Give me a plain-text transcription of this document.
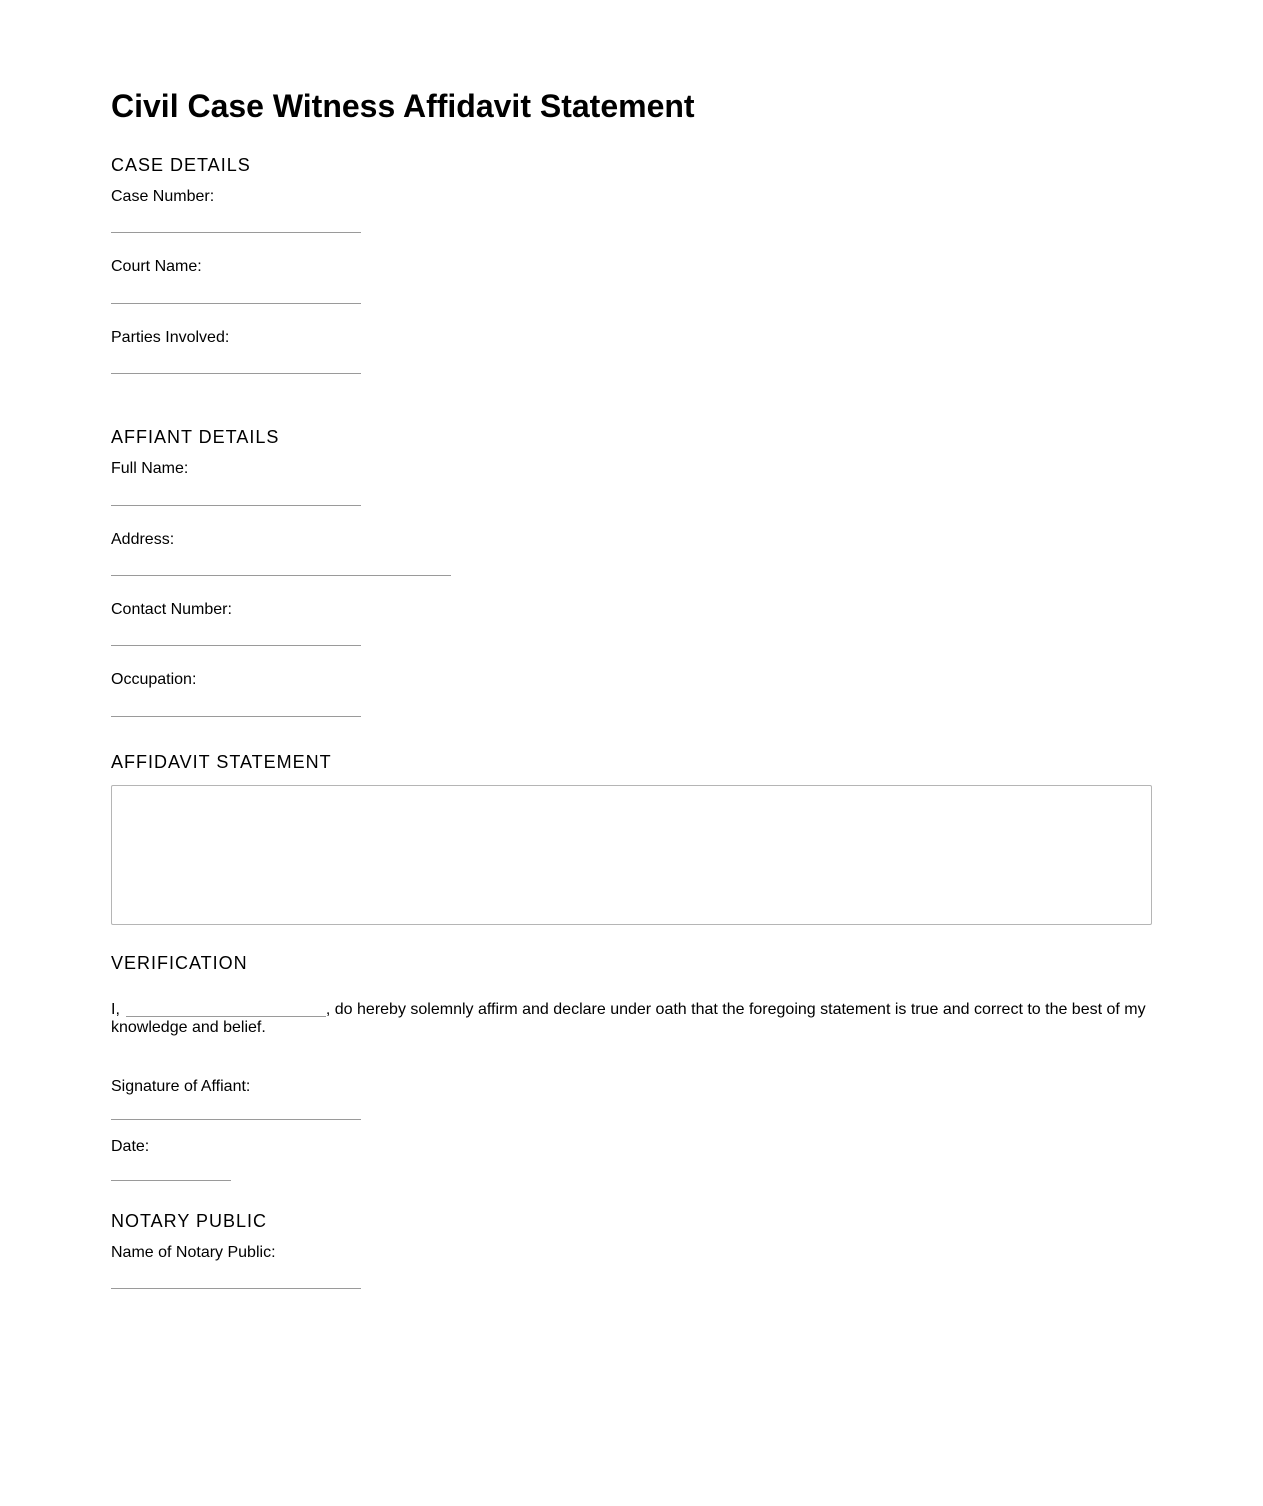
Civil Case Witness Affidavit Statement
CASE DETAILS
Case Number:
Court Name:
Parties Involved:
AFFIANT DETAILS
Full Name:
Address:
Contact Number:
Occupation:
AFFIDAVIT STATEMENT
VERIFICATION

I,	, do hereby solemnly affirm and declare under oath that the foregoing statement is true and correct to the best of my knowledge and belief.

Signature of Affiant:
Date:
NOTARY PUBLIC
Name of Notary Public:
